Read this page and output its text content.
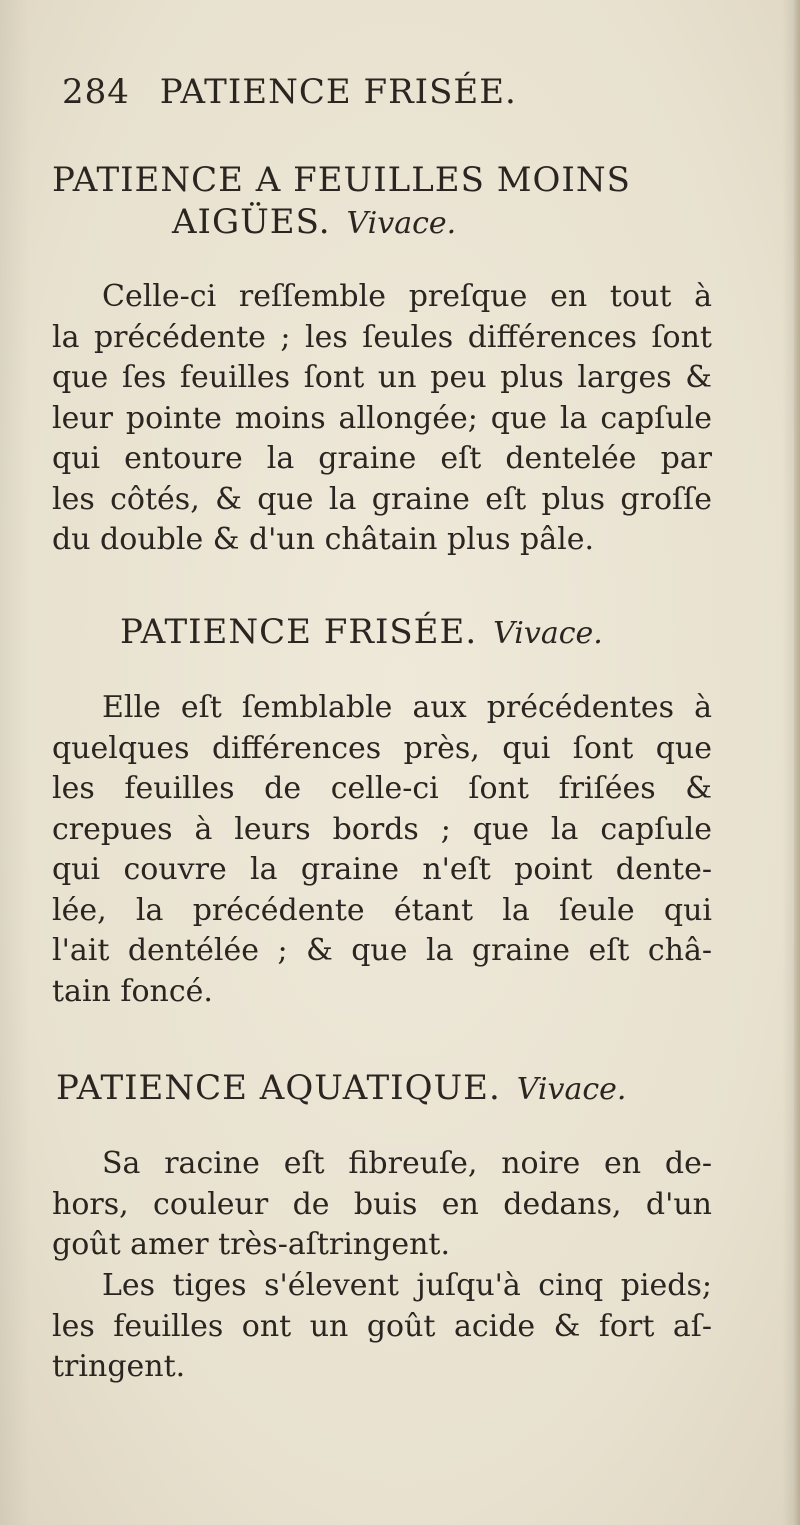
284 PATIENCE FRISÉE.
PATIENCE A FEUILLES MOINS
AIGÜES. Vivace.
Celle-ci reſſemble preſque en tout à
la précédente ; les ſeules différences ſont
que ſes feuilles ſont un peu plus larges &
leur pointe moins allongée; que la capſule
qui entoure la graine eſt dentelée par
les côtés, & que la graine eſt plus groſſe
du double & d'un châtain plus pâle.
PATIENCE FRISÉE. Vivace.
Elle eſt ſemblable aux précédentes à
quelques différences près, qui ſont que
les feuilles de celle-ci ſont friſées &
crepues à leurs bords ; que la capſule
qui couvre la graine n'eſt point dente-
lée, la précédente étant la ſeule qui
l'ait dentélée ; & que la graine eſt châ-
tain foncé.
PATIENCE AQUATIQUE. Vivace.
Sa racine eſt fibreuſe, noire en de-
hors, couleur de buis en dedans, d'un
goût amer très-aſtringent.
Les tiges s'élevent juſqu'à cinq pieds;
les feuilles ont un goût acide & fort aſ-
tringent.
